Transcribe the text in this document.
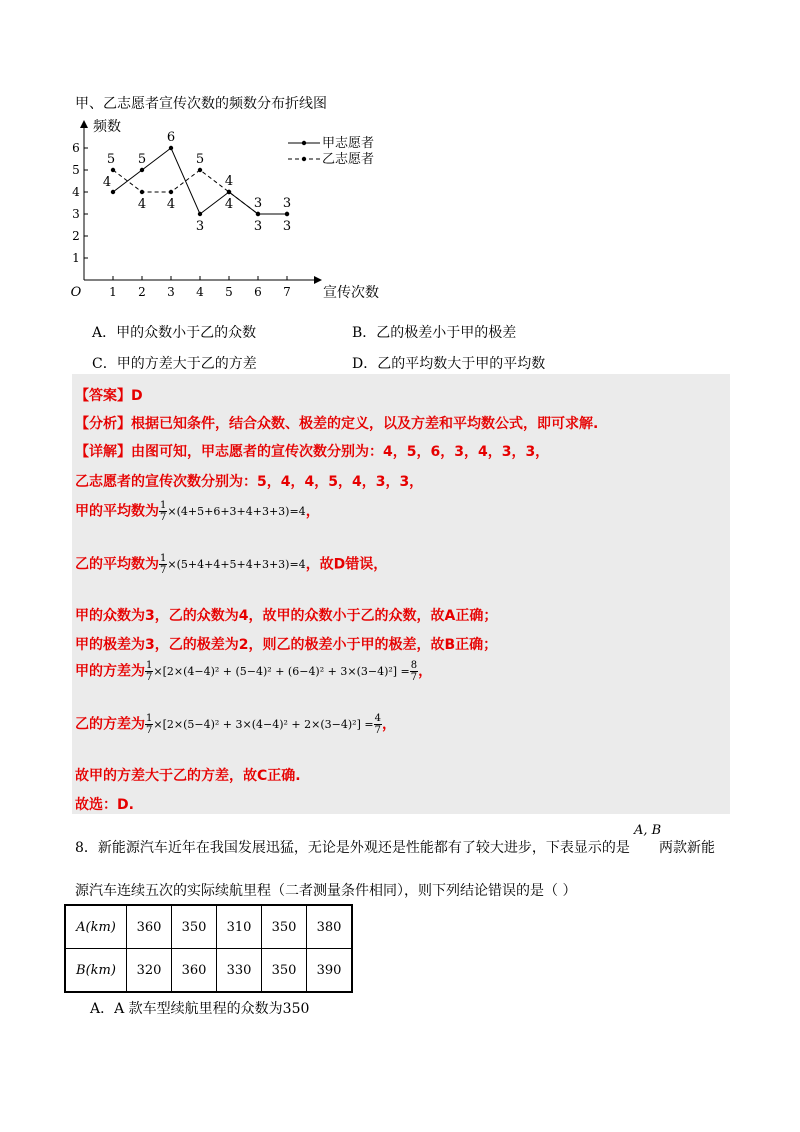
甲、乙志愿者宣传次数的频数分布折线图
频数
宣传次数
O
1
2
3
4
5
6
1 2 3 4 5 6 7
4
5
6
3
4 3 3
5
4 4
5
4
3 3
甲志愿者
乙志愿者
A．甲的众数小于乙的众数	B．乙的极差小于甲的极差
C．甲的方差大于乙的方差	D．乙的平均数大于甲的平均数
【答案】D
【分析】根据已知条件，结合众数、极差的定义，以及方差和平均数公式，即可求解.
【详解】由图可知，甲志愿者的宣传次数分别为：4，5，6，3，4，3，3，
乙志愿者的宣传次数分别为：5，4，4，5，4，3，3，
甲的平均数为 $\frac{1}{7} \times(4+5+6+3+4+3+3)=4$，
乙的平均数为 $\frac{1}{7} \times(5+4+4+5+4+3+3)=4$，故D错误，
甲的众数为3，乙的众数为4，故甲的众数小于乙的众数，故A正确；
甲的极差为3，乙的极差为2，则乙的极差小于甲的极差，故B正确；
甲的方差为 $\frac{1}{7} \times[2\times(4-4)^2 + (5-4)^2 + (6-4)^2 + 3\times(3-4)^2] = \frac{8}{7}$ ，
乙的方差为 $\frac{1}{7} \times[2\times(5-4)^2 + 3\times(4-4)^2 + 2\times(3-4)^2] = \frac{4}{7}$ ，
故甲的方差大于乙的方差，故C正确.
故选：D.
A, B
8．新能源汽车近年在我国发展迅猛，无论是外观还是性能都有了较大进步，下表显示的是 两款新能
源汽车连续五次的实际续航里程（二者测量条件相同），则下列结论错误的是（ ）
A(km)	360	350	310	350	380
B(km)	320	360	330	350	390
A．A 款车型续航里程的众数为350
